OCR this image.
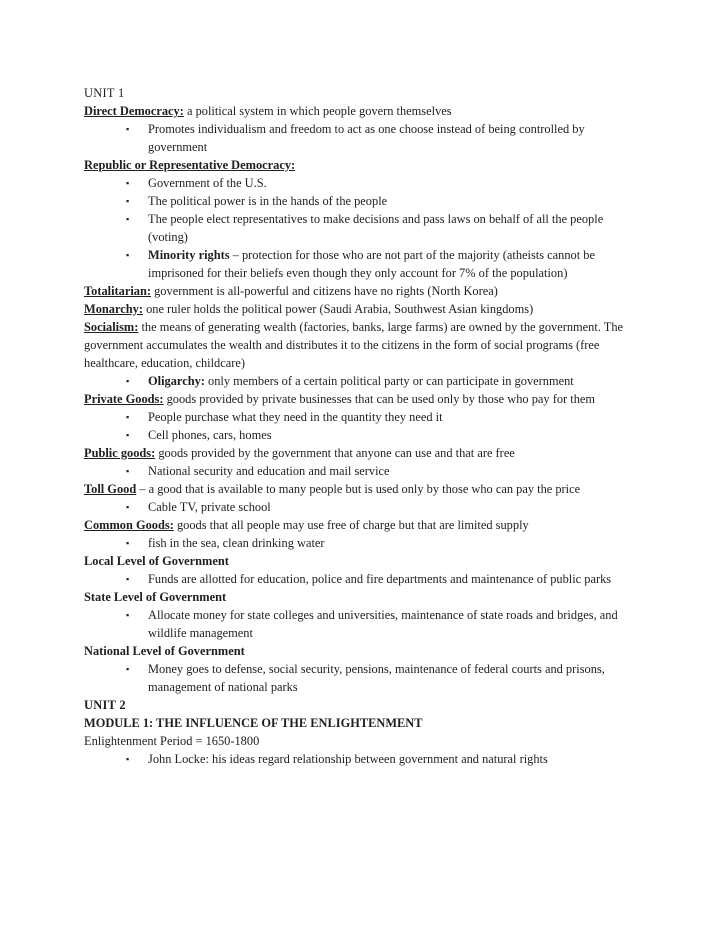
UNIT 1
Direct Democracy: a political system in which people govern themselves
▪ Promotes individualism and freedom to act as one choose instead of being controlled by government
Republic or Representative Democracy:
▪ Government of the U.S.
▪ The political power is in the hands of the people
▪ The people elect representatives to make decisions and pass laws on behalf of all the people (voting)
▪ Minority rights – protection for those who are not part of the majority (atheists cannot be imprisoned for their beliefs even though they only account for 7% of the population)
Totalitarian: government is all-powerful and citizens have no rights (North Korea)
Monarchy: one ruler holds the political power (Saudi Arabia, Southwest Asian kingdoms)
Socialism: the means of generating wealth (factories, banks, large farms) are owned by the government. The government accumulates the wealth and distributes it to the citizens in the form of social programs (free healthcare, education, childcare)
▪ Oligarchy: only members of a certain political party or can participate in government
Private Goods: goods provided by private businesses that can be used only by those who pay for them
▪ People purchase what they need in the quantity they need it
▪ Cell phones, cars, homes
Public goods: goods provided by the government that anyone can use and that are free
▪ National security and education and mail service
Toll Good – a good that is available to many people but is used only by those who can pay the price
▪ Cable TV, private school
Common Goods: goods that all people may use free of charge but that are limited supply
▪ fish in the sea, clean drinking water
Local Level of Government
▪ Funds are allotted for education, police and fire departments and maintenance of public parks
State Level of Government
▪ Allocate money for state colleges and universities, maintenance of state roads and bridges, and wildlife management
National Level of Government
▪ Money goes to defense, social security, pensions, maintenance of federal courts and prisons, management of national parks
UNIT 2
MODULE 1: THE INFLUENCE OF THE ENLIGHTENMENT
Enlightenment Period = 1650-1800
▪ John Locke: his ideas regard relationship between government and natural rights
